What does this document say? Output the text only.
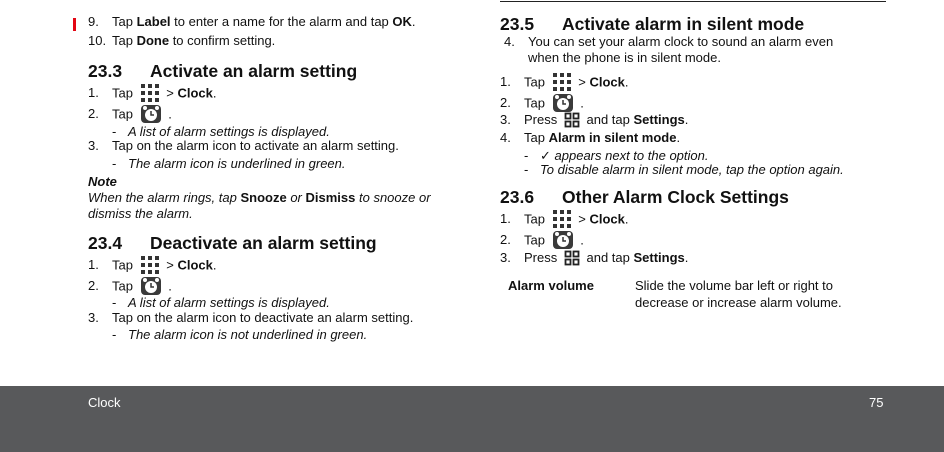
9. Tap Label to enter a name for the alarm and tap OK.
10. Tap Done to confirm setting.
23.3 Activate an alarm setting
1. Tap	> Clock.
2. Tap	.
- A list of alarm settings is displayed.
3. Tap on the alarm icon to activate an alarm setting.
- The alarm icon is underlined in green.
Note
When the alarm rings, tap Snooze or Dismiss to snooze or
dismiss the alarm.
23.4 Deactivate an alarm setting
1. Tap	> Clock.
2. Tap	.
- A list of alarm settings is displayed.
3. Tap on the alarm icon to deactivate an alarm setting.
- The alarm icon is not underlined in green.
23.5 Activate alarm in silent mode
4. You can set your alarm clock to sound an alarm even
when the phone is in silent mode.
1. Tap	> Clock.
2. Tap	.
3. Press and tap Settings.
4. Tap Alarm in silent mode.
- ✓ appears next to the option.
- To disable alarm in silent mode, tap the option again.
23.6 Other Alarm Clock Settings
1. Tap	> Clock.
2. Tap	.
3. Press and tap Settings.
Alarm volume	Slide the volume bar left or right to
decrease or increase alarm volume.
Clock	75
